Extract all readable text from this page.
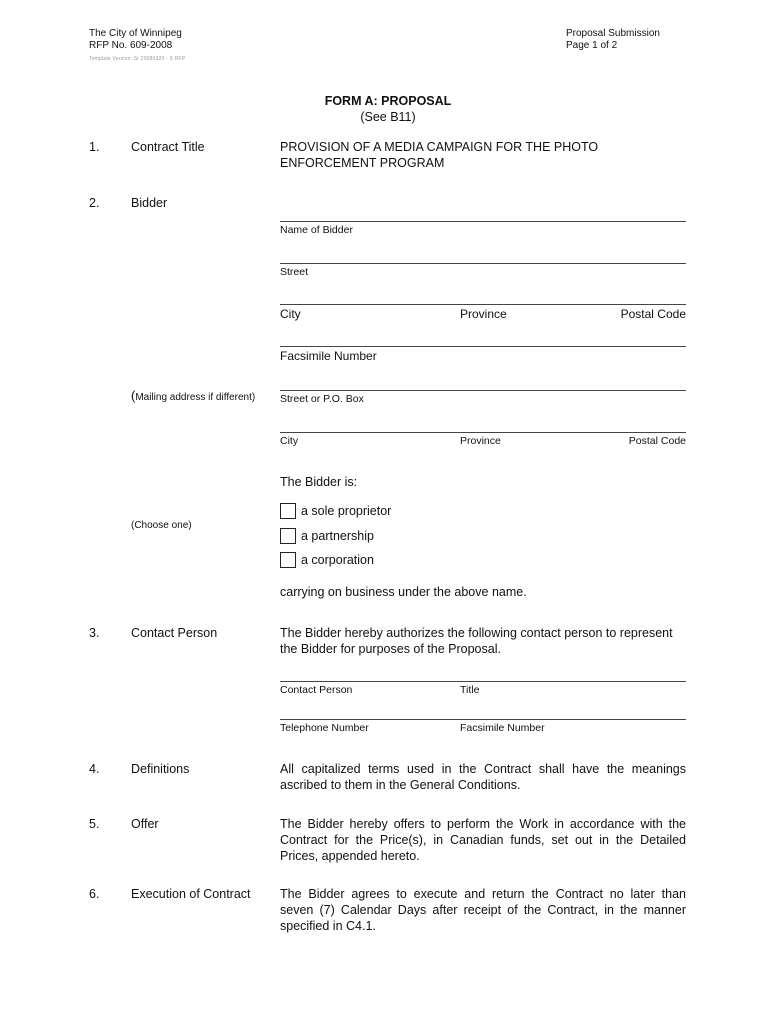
The City of Winnipeg
RFP No. 609-2008
Template Version: Sr 20080320 - S RFP
Proposal Submission
Page 1 of 2
FORM A: PROPOSAL
(See B11)
1.	Contract Title	PROVISION OF A MEDIA CAMPAIGN FOR THE PHOTO
ENFORCEMENT PROGRAM
2.	Bidder
Name of Bidder
Street
City	Province	Postal Code
Facsimile Number
(Mailing address if different) Street or P.O. Box
City	Province	Postal Code
The Bidder is:
(Choose one)
a sole proprietor
a partnership
a corporation
carrying on business under the above name.
3.	Contact Person	The Bidder hereby authorizes the following contact person to represent
the Bidder for purposes of the Proposal.
Contact Person	Title
Telephone Number	Facsimile Number
4.	Definitions	All capitalized terms used in the Contract shall have the meanings
ascribed to them in the General Conditions.
5.	Offer	The Bidder hereby offers to perform the Work in accordance with the
Contract for the Price(s), in Canadian funds, set out in the Detailed
Prices, appended hereto.
6.	Execution of Contract The Bidder agrees to execute and return the Contract no later than
seven (7) Calendar Days after receipt of the Contract, in the manner
specified in C4.1.
